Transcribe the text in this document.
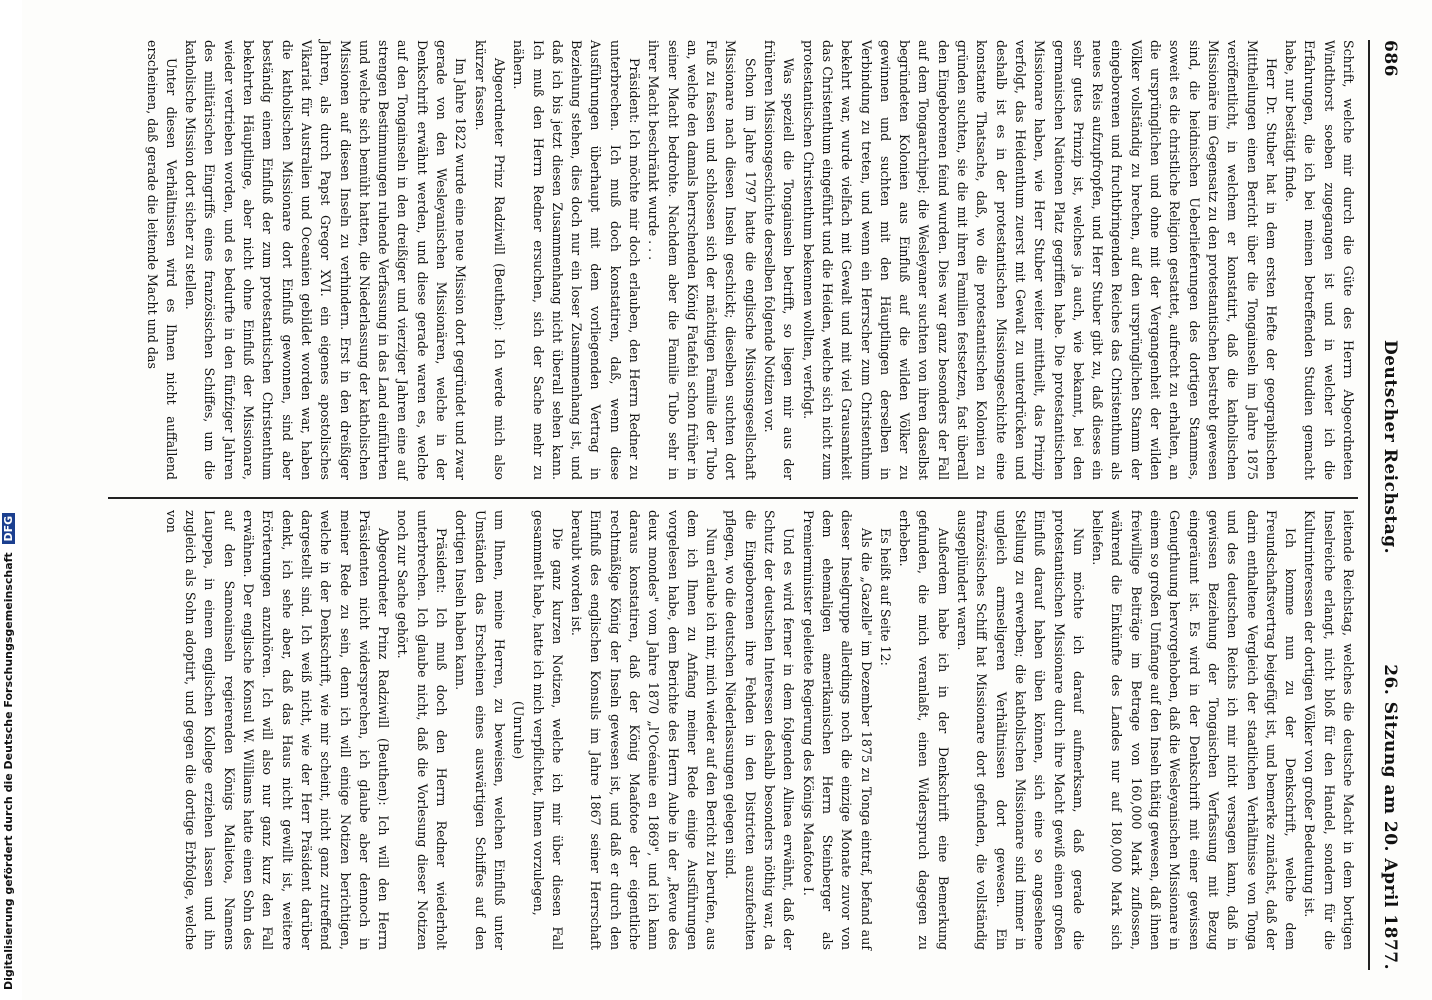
686
Deutscher Reichstag.
26. Sitzung am 20. April 1877.

Schrift, welche mir durch die Güte des Herrn Abgeordneten Windthorst soeben zugegangen ist und in welcher ich die Erfahrungen, die ich bei meinen betreffenden Studien gemacht habe, nur bestätigt finde.

Herr Dr. Stuber hat in dem ersten Hefte der geographischen Mittheilungen einen Bericht über die Tongainseln im Jahre 1875 veröffentlicht, in welchem er konstatirt, daß die katholischen Missionäre im Gegensatz zu den protestantischen bestrebt gewesen sind, die heidnischen Ueberlieferungen des dortigen Stammes, soweit es die christliche Religion gestattet, aufrecht zu erhalten, an die ursprünglichen und ohne mit der Vergangenheit der wilden Völker vollständig zu brechen, auf den ursprünglichen Stamm der eingeborenen und fruchtbringenden Reiches das Christenthum als neues Reis aufzupfropfen, und Herr Stuber gibt zu, daß dieses ein sehr gutes Prinzip ist, welches ja auch, wie bekannt, bei den germanischen Nationen Platz gegriffen habe. Die protestantischen Missionare haben, wie Herr Stuber weiter mittheilt, das Prinzip verfolgt, das Heidenthum zuerst mit Gewalt zu unterdrücken und deshalb ist es in der protestantischen Missionsgeschichte eine konstante Thatsache, daß, wo die protestantischen Kolonien zu gründen suchten, sie die mit ihren Familien festsetzen, fast überall den Eingeborenen feind wurden. Dies war ganz besonders der Fall auf dem Tongaarchipel; die Wesleyaner suchten von ihren daselbst begründeten Kolonien aus Einfluß auf die wilden Völker zu gewinnen und suchten mit den Häuptlingen derselben in Verbindung zu treten, und wenn ein Herrscher zum Christenthum bekehrt war, wurde vielfach mit Gewalt und mit viel Grausamkeit das Christenthum eingeführt und die Heiden, welche sich nicht zum protestantischen Christenthum bekennen wollten, verfolgt.

Was speziell die Tongainseln betrifft, so liegen mir aus der früheren Missionsgeschichte derselben folgende Notizen vor.

Schon im Jahre 1797 hatte die englische Missionsgesellschaft Missionare nach diesen Inseln geschickt; dieselben suchten dort Fuß zu fassen und schlossen sich der mächtigen Familie der Tubo an, welche den damals herrschenden König Fatafehi schon früher in seiner Macht bedrohte. Nachdem aber die Familie Tubo sehr in ihrer Macht beschränkt wurde . . .

Präsident: Ich möchte mir doch erlauben, den Herrn Redner zu unterbrechen. Ich muß doch konstatiren, daß, wenn diese Ausführungen überhaupt mit dem vorliegenden Vertrag in Beziehung stehen, dies doch nur ein loser Zusammenhang ist, und daß ich bis jetzt diesen Zusammenhang nicht überall sehen kann. Ich muß den Herrn Redner ersuchen, sich der Sache mehr zu nähern.

Abgeordneter Prinz Radziwill (Beuthen): Ich werde mich also kürzer fassen.

Im Jahre 1822 wurde eine neue Mission dort gegründet und zwar gerade von den Wesleyanischen Missionären, welche in der Denkschrift erwähnt werden, und diese gerade waren es, welche auf den Tongainseln in den dreißiger und vierziger Jahren eine auf strengen Bestimmungen ruhende Verfassung in das Land einführten und welche sich bemüht hatten, die Niederlassung der katholischen Missionen auf diesen Inseln zu verhindern. Erst in den dreißiger Jahren, als durch Papst Gregor XVI. ein eigenes apostolisches Vikariat für Australien und Oceanien gebildet worden war, haben die katholischen Missionare dort Einfluß gewonnen, sind aber beständig einem Einfluß der zum protestantischen Christenthum bekehrten Häuptlinge, aber nicht ohne Einfluß der Missionare, wieder vertrieben worden, und es bedurfte in den fünfziger Jahren des militärischen Eingriffs eines französischen Schiffes, um die katholische Mission dort sicher zu stellen.

Unter diesen Verhältnissen wird es Ihnen nicht auffallend erscheinen, daß gerade die leitende Macht und das

leitende Reichstag, welches die deutsche Macht in dem bortigen Inselreiche erlangt, nicht bloß für den Handel, sondern für die Kulturinteressen der dortigen Völker von großer Bedeutung ist.

Ich komme nun zu der Denkschrift, welche dem Freundschaftsvertrag beigefügt ist, und bemerke zunächst, daß der darin enthaltene Vergleich der staatlichen Verhältnisse von Tonga und des deutschen Reichs ich mir nicht versagen kann, daß in gewissen Beziehung der Tongaischen Verfassung mit Bezug eingeräumt ist. Es wird in der Denkschrift mit einer gewissen Genugthuung hervorgehoben, daß die Wesleyanischen Missionare in einem so großen Umfange auf den Inseln thätig gewesen, daß ihnen freiwillige Beiträge im Betrage von 160,000 Mark zuflossen, während die Einkünfte des Landes nur auf 180,000 Mark sich beliefen.

Nun möchte ich darauf aufmerksam, daß gerade die protestantischen Missionare durch ihre Macht gewiß einen großen Einfluß darauf haben üben können, sich eine so angesehene Stellung zu erwerben; die katholischen Missionare sind immer in ungleich armseligeren Verhältnissen dort gewesen. Ein französisches Schiff hat Missionare dort gefunden, die vollständig ausgeplündert waren.

Außerdem habe ich in der Denkschrift eine Bemerkung gefunden, die mich veranlaßt, einen Widerspruch dagegen zu erheben.

Es heißt auf Seite 12:

Als die „Gazelle" im Dezember 1875 zu Tonga eintraf, befand auf dieser Inselgruppe allerdings noch die einzige Monate zuvor von dem ehemaligen amerikanischen Herrn Steinberger als Premierminister geleitete Regierung des Königs Maafotoe I.

Und es wird ferner in dem folgenden Alinea erwähnt, daß der Schutz der deutschen Interessen deshalb besonders nöthig war, da die Eingeborenen ihre Fehden in den Districten auszufechten pflegen, wo die deutschen Niederlassungen gelegen sind.

Nun erlaube ich mir, mich wieder auf den Bericht zu berufen, aus dem ich Ihnen zu Anfang meiner Rede einige Ausführungen vorgelesen habe, dem Berichte des Herrn Aube in der „Revue des deux mondes" vom Jahre 1870 „l'Océanie en 1869", und ich kann daraus konstatiren, daß der König Maafotoe der eigentliche rechtmäßige König der Inseln gewesen ist, und daß er durch den Einfluß des englischen Konsuls im Jahre 1867 seiner Herrschaft beraubt worden ist.

Die ganz kurzen Notizen, welche ich mir über diesen Fall gesammelt habe, hatte ich mich verpflichtet, Ihnen vorzulegen,

(Unruhe)

um Ihnen, meine Herren, zu beweisen, welchen Einfluß unter Umständen das Erscheinen eines auswärtigen Schiffes auf den dortigen Inseln haben kann.

Präsident: Ich muß doch den Herrn Redner wiederholt unterbrechen. Ich glaube nicht, daß die Vorlesung dieser Notizen noch zur Sache gehört.

Abgeordneter Prinz Radziwill (Beuthen): Ich will den Herrn Präsidenten nicht widersprechen, ich glaube aber dennoch in meiner Rede zu sein, denn ich will einige Notizen berichtigen, welche in der Denkschrift, wie mir scheint, nicht ganz zutreffend dargestellt sind. Ich weiß nicht, wie der Herr Präsident darüber denkt, ich sehe aber, daß das Haus nicht gewillt ist, weitere Erörterungen anzuhören. Ich will also nur ganz kurz den Fall erwähnen. Der englische Konsul W. Williams hatte einen Sohn des auf den Samoainseln regierenden Königs Malietoa, Namens Laupepa, in einem englischen Kollege erziehen lassen und ihn zugleich als Sohn adoptirt, und gegen die dortige Erbfolge, welche von

Digitalisierung gefördert durch die Deutsche Forschungsgemeinschaft DFG
